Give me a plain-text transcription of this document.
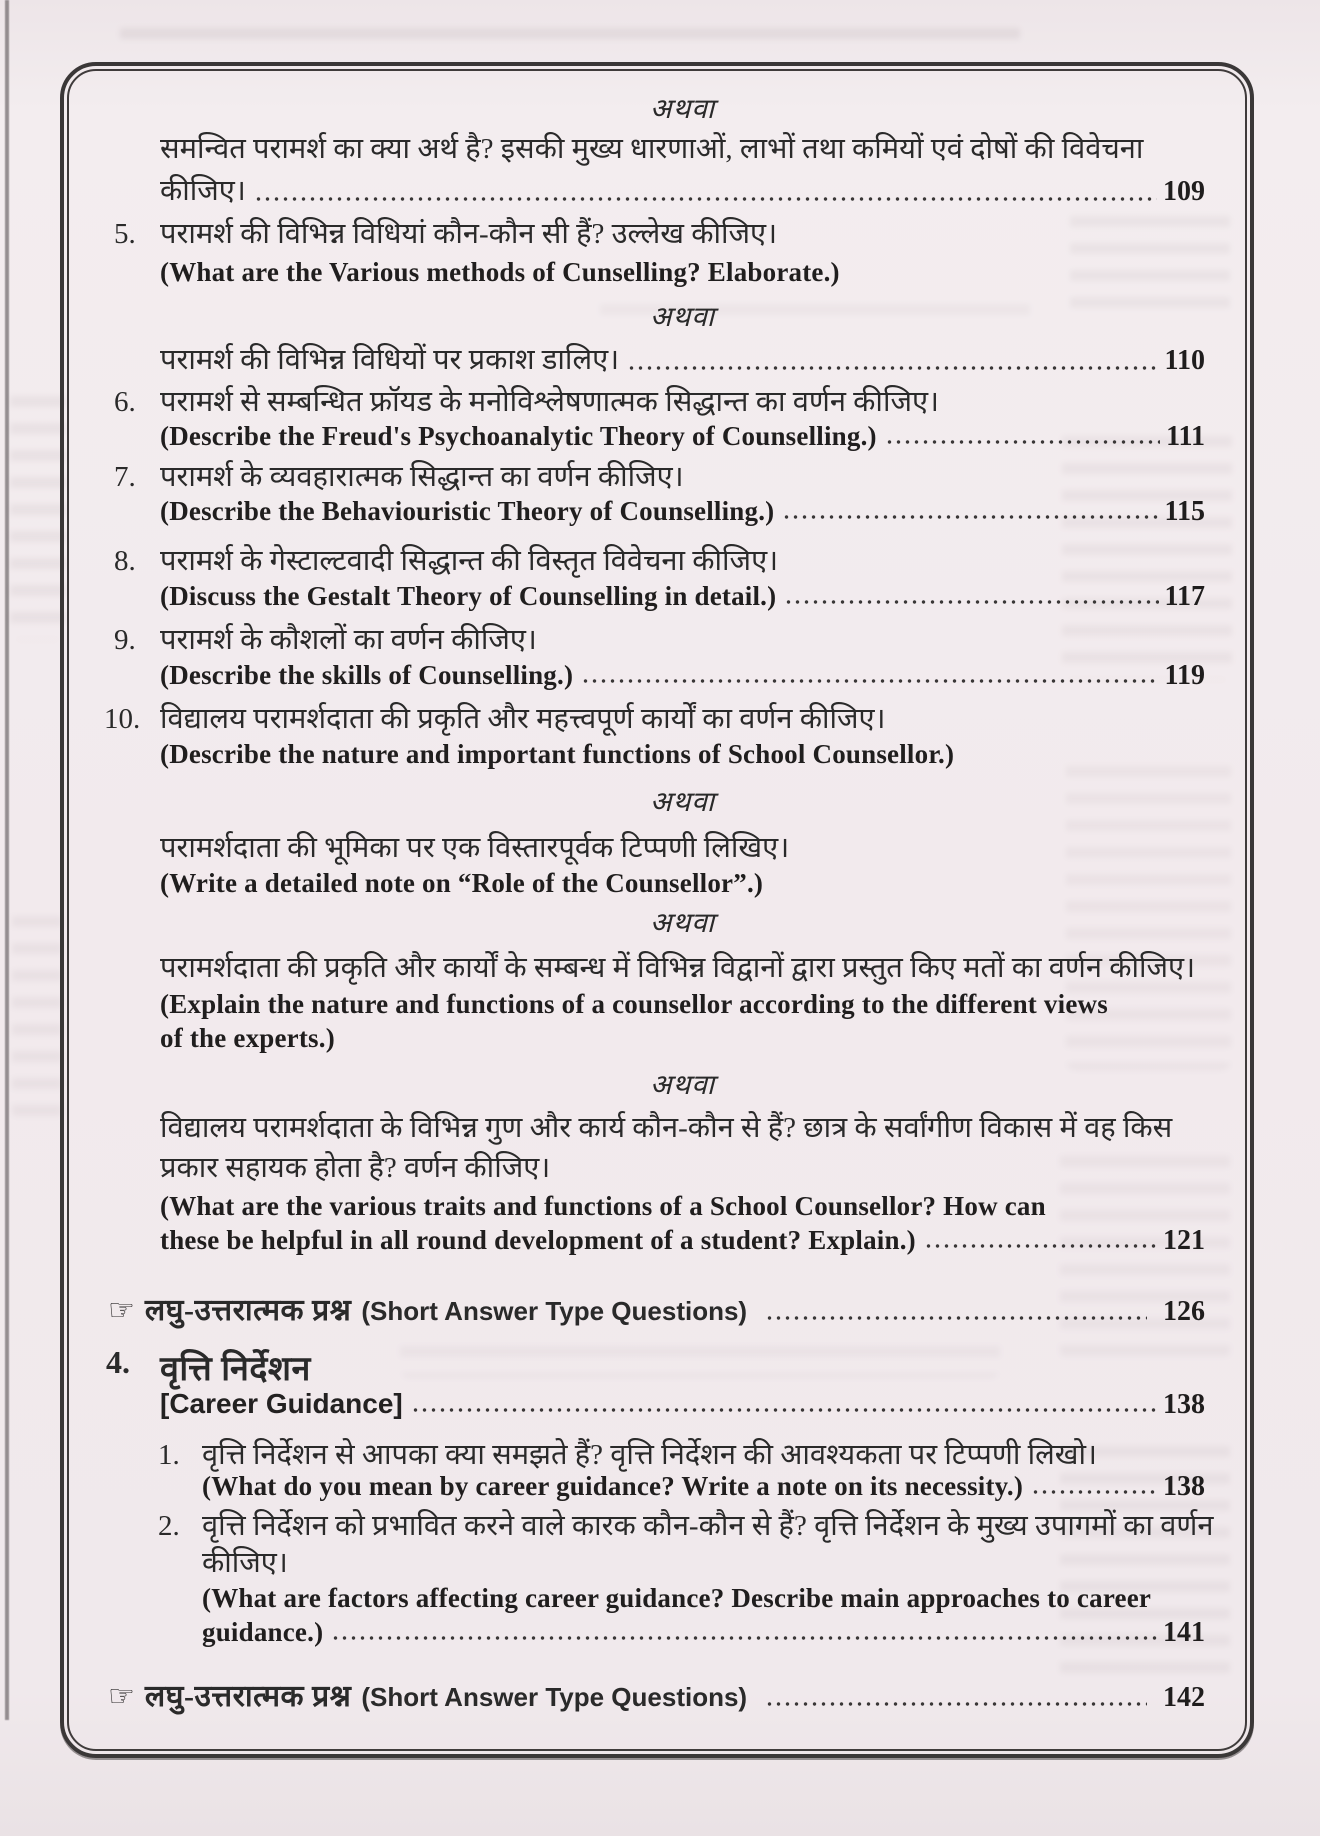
अथवा
समन्वित परामर्श का क्या अर्थ है? इसकी मुख्य धारणाओं, लाभों तथा कमियों एवं दोषों की विवेचना
कीजिए।	109
5. परामर्श की विभिन्न विधियां कौन-कौन सी हैं? उल्लेख कीजिए।
(What are the Various methods of Cunselling? Elaborate.)
अथवा
परामर्श की विभिन्न विधियों पर प्रकाश डालिए।	110
6. परामर्श से सम्बन्धित फ्रॉयड के मनोविश्लेषणात्मक सिद्धान्त का वर्णन कीजिए।
(Describe the Freud's Psychoanalytic Theory of Counselling.)	111
7. परामर्श के व्यवहारात्मक सिद्धान्त का वर्णन कीजिए।
(Describe the Behaviouristic Theory of Counselling.)	115
8. परामर्श के गेस्टाल्टवादी सिद्धान्त की विस्तृत विवेचना कीजिए।
(Discuss the Gestalt Theory of Counselling in detail.)	117
9. परामर्श के कौशलों का वर्णन कीजिए।
(Describe the skills of Counselling.)	119
10. विद्यालय परामर्शदाता की प्रकृति और महत्त्वपूर्ण कार्यों का वर्णन कीजिए।
(Describe the nature and important functions of School Counsellor.)
अथवा
परामर्शदाता की भूमिका पर एक विस्तारपूर्वक टिप्पणी लिखिए।
(Write a detailed note on “Role of the Counsellor”.)
अथवा
परामर्शदाता की प्रकृति और कार्यों के सम्बन्ध में विभिन्न विद्वानों द्वारा प्रस्तुत किए मतों का वर्णन कीजिए।
(Explain the nature and functions of a counsellor according to the different views
of the experts.)
अथवा
विद्यालय परामर्शदाता के विभिन्न गुण और कार्य कौन-कौन से हैं? छात्र के सर्वांगीण विकास में वह किस
प्रकार सहायक होता है? वर्णन कीजिए।
(What are the various traits and functions of a School Counsellor? How can
these be helpful in all round development of a student? Explain.)	121
☞ लघु-उत्तरात्मक प्रश्न (Short Answer Type Questions)	126
4. वृत्ति निर्देशन
[Career Guidance]	138
1. वृत्ति निर्देशन से आपका क्या समझते हैं? वृत्ति निर्देशन की आवश्यकता पर टिप्पणी लिखो।
(What do you mean by career guidance? Write a note on its necessity.)	138
2. वृत्ति निर्देशन को प्रभावित करने वाले कारक कौन-कौन से हैं? वृत्ति निर्देशन के मुख्य उपागमों का वर्णन
कीजिए।
(What are factors affecting career guidance? Describe main approaches to career
guidance.)	141
☞ लघु-उत्तरात्मक प्रश्न (Short Answer Type Questions)	142
